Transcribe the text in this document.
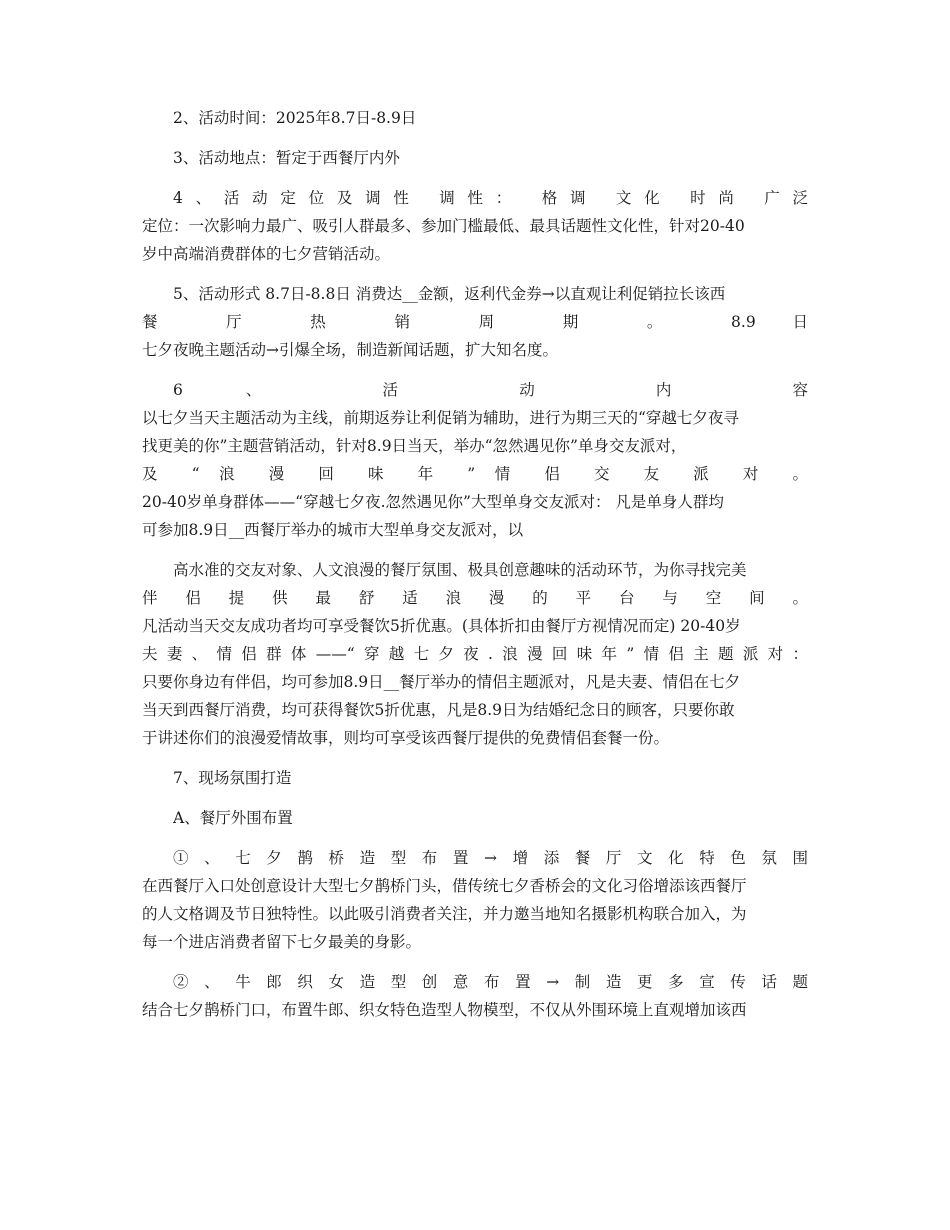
2、活动时间：2025年8.7日-8.9日
3、活动地点：暂定于西餐厅内外
4、活动定位及调性 调性： 格调 文化 时尚 广泛
定位：一次影响力最广、吸引人群最多、参加门槛最低、最具话题性文化性，针对20-40
岁中高端消费群体的七夕营销活动。
5、活动形式 8.7日-8.8日 消费达__金额，返利代金券→以直观让利促销拉长该西
餐 厅 热 销 周 期 。 8.9 日
七夕夜晚主题活动→引爆全场，制造新闻话题，扩大知名度。
6 、 活 动 内 容
以七夕当天主题活动为主线，前期返券让利促销为辅助，进行为期三天的“穿越七夕夜寻
找更美的你”主题营销活动，针对8.9日当天，举办“忽然遇见你”单身交友派对，
及 “ 浪 漫 回 味 年 ” 情 侣 交 友 派 对 。
20-40岁单身群体——“穿越七夕夜.忽然遇见你”大型单身交友派对： 凡是单身人群均
可参加8.9日__西餐厅举办的城市大型单身交友派对，以
高水准的交友对象、人文浪漫的餐厅氛围、极具创意趣味的活动环节，为你寻找完美
伴 侣 提 供 最 舒 适 浪 漫 的 平 台 与 空 间 。
凡活动当天交友成功者均可享受餐饮5折优惠。(具体折扣由餐厅方视情况而定) 20-40岁
夫妻、情侣群体——“穿越七夕夜.浪漫回味年”情侣主题派对：
只要你身边有伴侣，均可参加8.9日__餐厅举办的情侣主题派对，凡是夫妻、情侣在七夕
当天到西餐厅消费，均可获得餐饮5折优惠，凡是8.9日为结婚纪念日的顾客，只要你敢
于讲述你们的浪漫爱情故事，则均可享受该西餐厅提供的免费情侣套餐一份。
7、现场氛围打造
A、餐厅外围布置
①、七夕鹊桥造型布置→增添餐厅文化特色氛围
在西餐厅入口处创意设计大型七夕鹊桥门头，借传统七夕香桥会的文化习俗增添该西餐厅
的人文格调及节日独特性。以此吸引消费者关注，并力邀当地知名摄影机构联合加入，为
每一个进店消费者留下七夕最美的身影。
②、牛郎织女造型创意布置→制造更多宣传话题
结合七夕鹊桥门口，布置牛郎、织女特色造型人物模型，不仅从外围环境上直观增加该西
